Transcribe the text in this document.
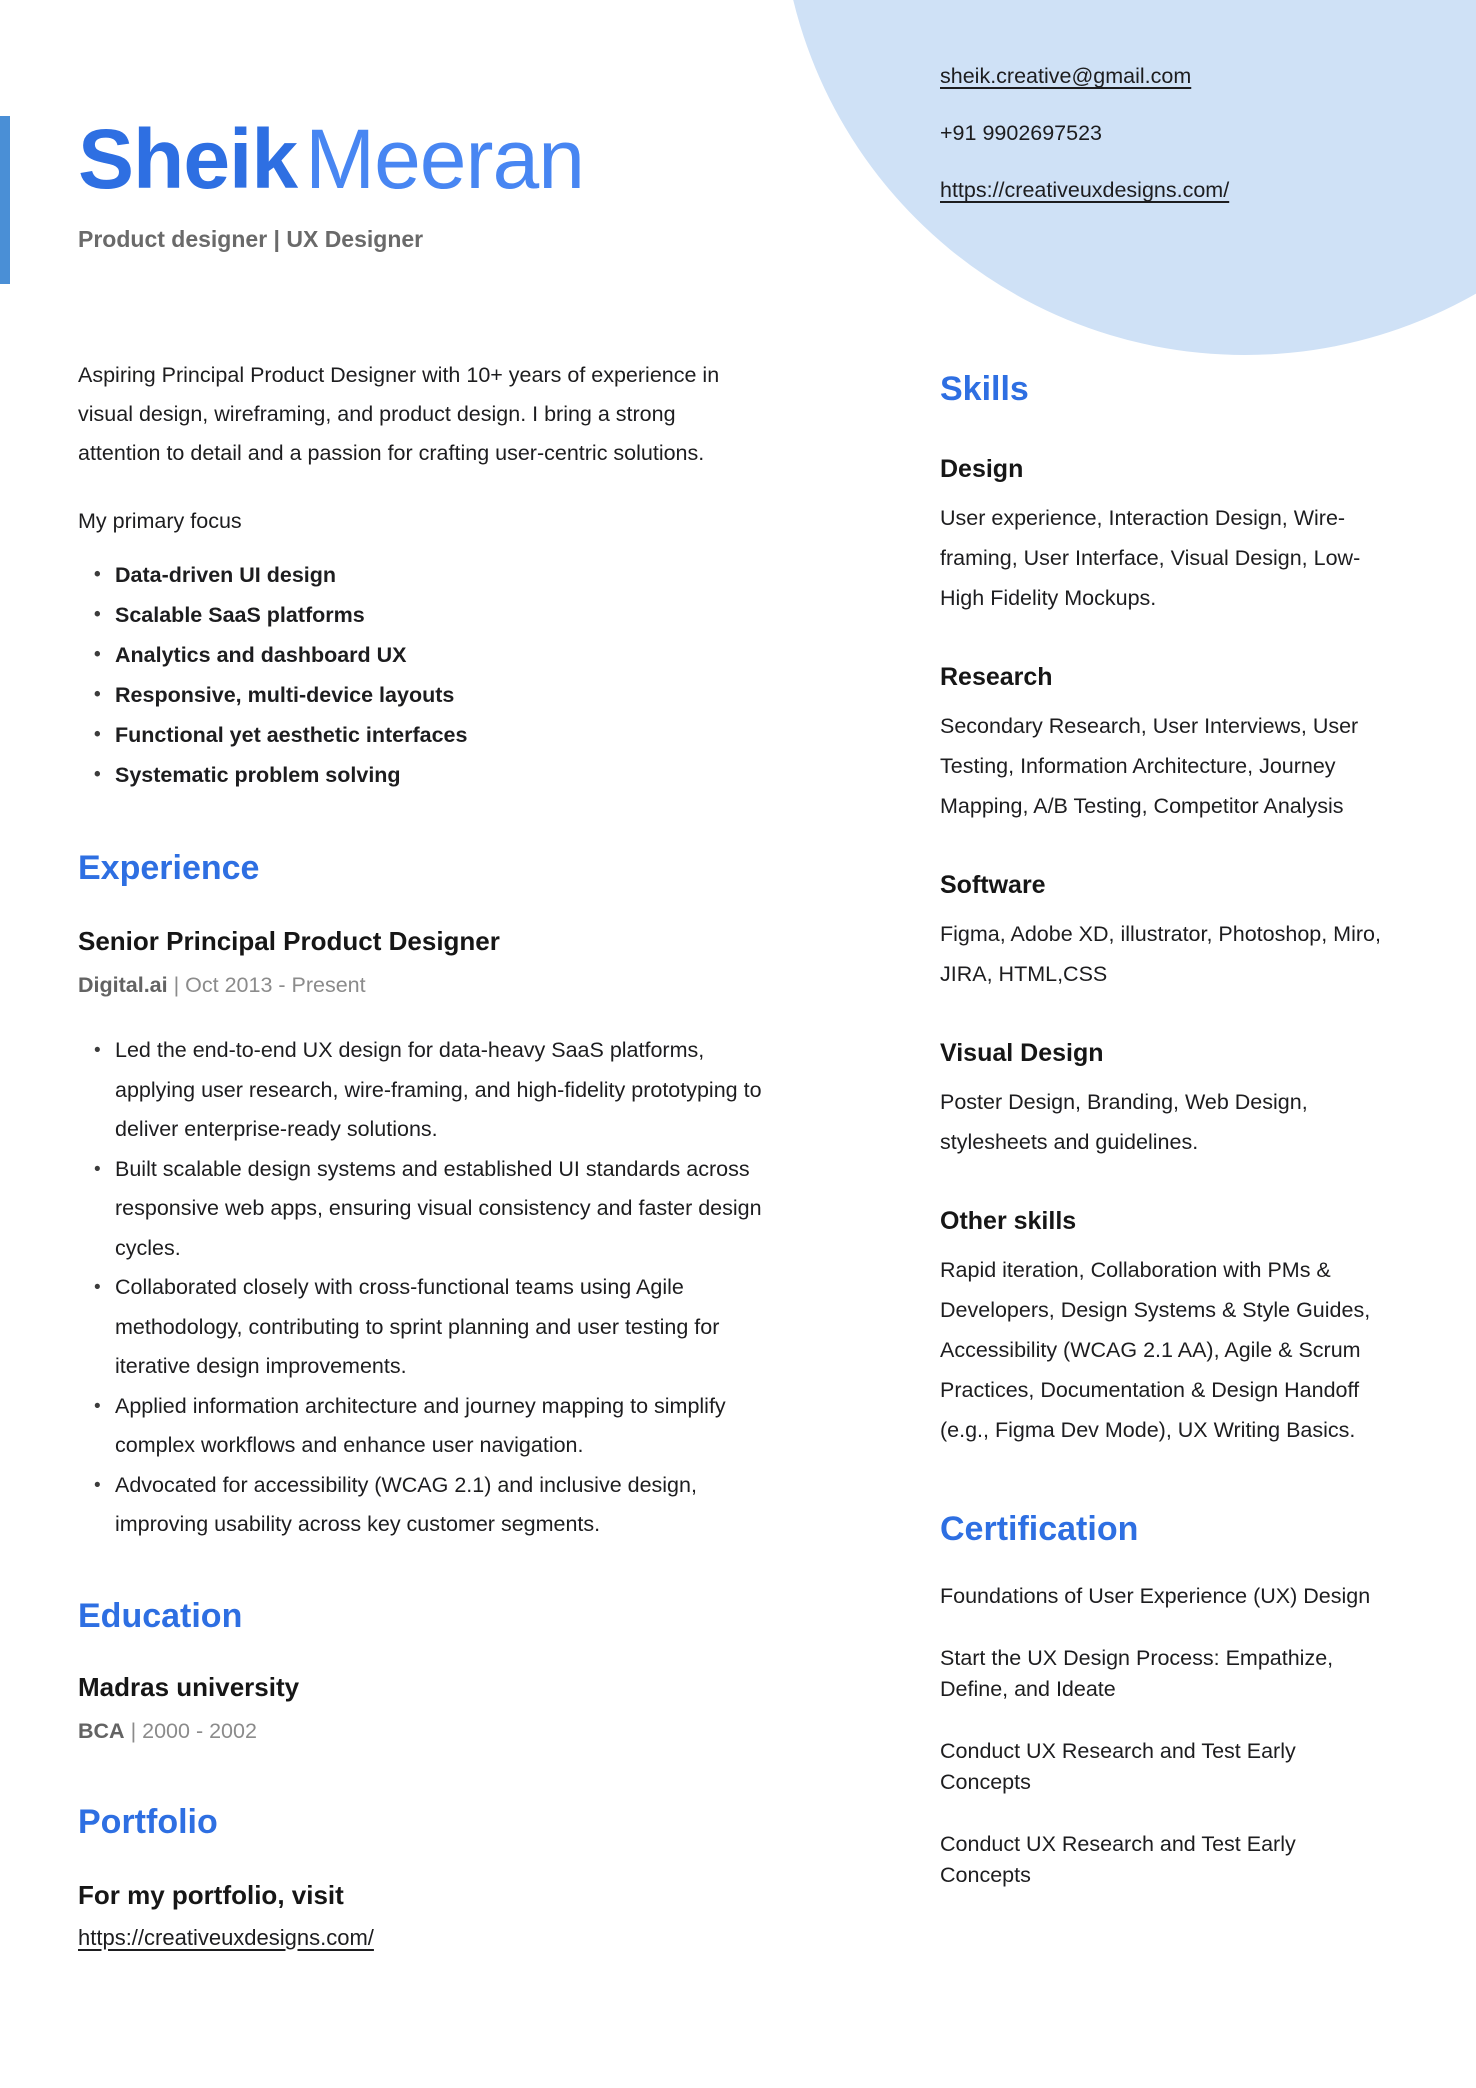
SheikMeeran
Product designer | UX Designer
sheik.creative@gmail.com
+91 9902697523
https://creativeuxdesigns.com/

Aspiring Principal Product Designer with 10+ years of experience in visual design, wireframing, and product design. I bring a strong attention to detail and a passion for crafting user-centric solutions.

My primary focus

• Data-driven UI design
• Scalable SaaS platforms
• Analytics and dashboard UX
• Responsive, multi-device layouts
• Functional yet aesthetic interfaces
• Systematic problem solving
Experience
Senior Principal Product Designer

Digital.ai | Oct 2013 - Present

• Led the end-to-end UX design for data-heavy SaaS platforms, applying user research, wire-framing, and high-fidelity prototyping to deliver enterprise-ready solutions.
• Built scalable design systems and established UI standards across responsive web apps, ensuring visual consistency and faster design cycles.
• Collaborated closely with cross-functional teams using Agile methodology, contributing to sprint planning and user testing for iterative design improvements.
• Applied information architecture and journey mapping to simplify complex workflows and enhance user navigation.
• Advocated for accessibility (WCAG 2.1) and inclusive design, improving usability across key customer segments.
Education
Madras university

BCA | 2000 - 2002

Portfolio
For my portfolio, visit
https://creativeuxdesigns.com/
Skills
Design

User experience, Interaction Design, Wire-framing, User Interface, Visual Design, Low-High Fidelity Mockups.

Research

Secondary Research, User Interviews, User Testing, Information Architecture, Journey Mapping, A/B Testing, Competitor Analysis

Software

Figma, Adobe XD, illustrator, Photoshop, Miro, JIRA, HTML,CSS

Visual Design

Poster Design, Branding, Web Design, stylesheets and guidelines.

Other skills

Rapid iteration, Collaboration with PMs & Developers, Design Systems & Style Guides, Accessibility (WCAG 2.1 AA), Agile & Scrum Practices, Documentation & Design Handoff (e.g., Figma Dev Mode), UX Writing Basics.

Certification

Foundations of User Experience (UX) Design

Start the UX Design Process: Empathize, Define, and Ideate

Conduct UX Research and Test Early Concepts

Conduct UX Research and Test Early Concepts
